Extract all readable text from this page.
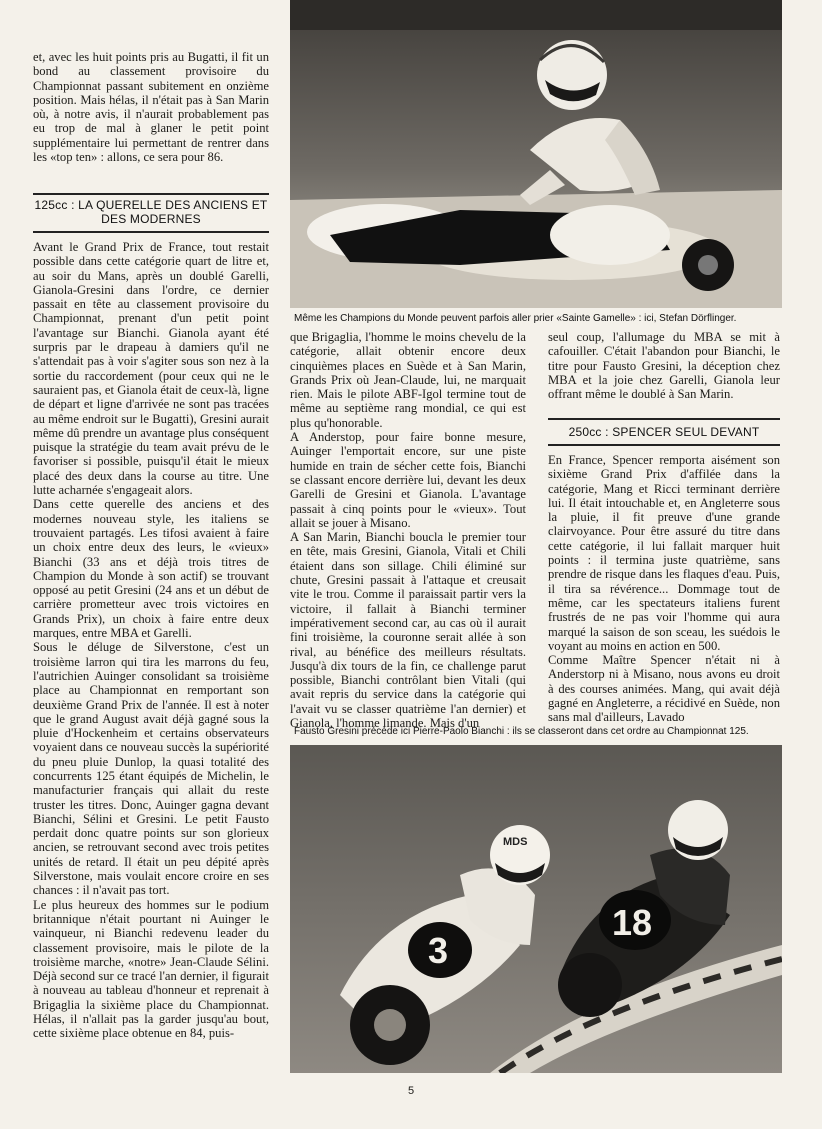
et, avec les huit points pris au Bugatti, il fit un bond au classement provisoire du Championnat passant subitement en onzième position. Mais hélas, il n'était pas à San Marin où, à notre avis, il n'aurait probablement pas eu trop de mal à glaner le petit point supplémentaire lui permettant de rentrer dans les «top ten» : allons, ce sera pour 86.

125cc : LA QUERELLE DES ANCIENS ET DES MODERNES

Avant le Grand Prix de France, tout restait possible dans cette catégorie quart de litre et, au soir du Mans, après un doublé Garelli, Gianola-Gresini dans l'ordre, ce dernier passait en tête au classement provisoire du Championnat, prenant d'un petit point l'avantage sur Bianchi. Gianola ayant été surpris par le drapeau à damiers qu'il ne s'attendait pas à voir s'agiter sous son nez à la sortie du raccordement (pour ceux qui ne le sauraient pas, et Gianola était de ceux-là, ligne de départ et ligne d'arrivée ne sont pas tracées au même endroit sur le Bugatti), Gresini aurait même dû prendre un avantage plus conséquent puisque la stratégie du team avait prévu de le favoriser si possible, puisqu'il était le mieux placé des deux dans la course au titre. Une lutte acharnée s'engageait alors.

Dans cette querelle des anciens et des modernes nouveau style, les italiens se trouvaient partagés. Les tifosi avaient à faire un choix entre deux des leurs, le «vieux» Bianchi (33 ans et déjà trois titres de Champion du Monde à son actif) se trouvant opposé au petit Gresini (24 ans et un début de carrière prometteur avec trois victoires en Grands Prix), un choix à faire entre deux marques, entre MBA et Garelli.

Sous le déluge de Silverstone, c'est un troisième larron qui tira les marrons du feu, l'autrichien Auinger consolidant sa troisième place au Championnat en remportant son deuxième Grand Prix de l'année. Il est à noter que le grand August avait déjà gagné sous la pluie d'Hockenheim et certains observateurs voyaient dans ce nouveau succès la supériorité du pneu pluie Dunlop, la quasi totalité des concurrents 125 étant équipés de Michelin, le manufacturier français qui allait du reste truster les titres. Donc, Auinger gagna devant Bianchi, Sélini et Gresini. Le petit Fausto perdait donc quatre points sur son glorieux ancien, se retrouvant second avec trois petites unités de retard. Il était un peu dépité après Silverstone, mais voulait encore croire en ses chances : il n'avait pas tort.

Le plus heureux des hommes sur le podium britannique n'était pourtant ni Auinger le vainqueur, ni Bianchi redevenu leader du classement provisoire, mais le pilote de la troisième marche, «notre» Jean-Claude Sélini. Déjà second sur ce tracé l'an dernier, il figurait à nouveau au tableau d'honneur et reprenait à Brigaglia la sixième place du Championnat. Hélas, il n'allait pas la garder jusqu'au bout, cette sixième place obtenue en 84, puis-

Même les Champions du Monde peuvent parfois aller prier «Sainte Gamelle» : ici, Stefan Dörflinger.

que Brigaglia, l'homme le moins chevelu de la catégorie, allait obtenir encore deux cinquièmes places en Suède et à San Marin, Grands Prix où Jean-Claude, lui, ne marquait rien. Mais le pilote ABF-Igol termine tout de même au septième rang mondial, ce qui est plus qu'honorable.

A Anderstop, pour faire bonne mesure, Auinger l'emportait encore, sur une piste humide en train de sécher cette fois, Bianchi se classant encore derrière lui, devant les deux Garelli de Gresini et Gianola. L'avantage passait à cinq points pour le «vieux». Tout allait se jouer à Misano.

A San Marin, Bianchi boucla le premier tour en tête, mais Gresini, Gianola, Vitali et Chili étaient dans son sillage. Chili éliminé sur chute, Gresini passait à l'attaque et creusait vite le trou. Comme il paraissait partir vers la victoire, il fallait à Bianchi terminer impérativement second car, au cas où il aurait fini troisième, la couronne serait allée à son rival, au bénéfice des meilleurs résultats. Jusqu'à dix tours de la fin, ce challenge parut possible, Bianchi contrôlant bien Vitali (qui avait repris du service dans la catégorie qui l'avait vu se classer quatrième l'an dernier) et Gianola, l'homme limande. Mais d'un

seul coup, l'allumage du MBA se mit à cafouiller. C'était l'abandon pour Bianchi, le titre pour Fausto Gresini, la déception chez MBA et la joie chez Garelli, Gianola leur offrant même le doublé à San Marin.

250cc : SPENCER SEUL DEVANT

En France, Spencer remporta aisément son sixième Grand Prix d'affilée dans la catégorie, Mang et Ricci terminant derrière lui. Il était intouchable et, en Angleterre sous la pluie, il fit preuve d'une grande clairvoyance. Pour être assuré du titre dans cette catégorie, il lui fallait marquer huit points : il termina juste quatrième, sans prendre de risque dans les flaques d'eau. Puis, il tira sa révérence... Dommage tout de même, car les spectateurs italiens furent frustrés de ne pas voir l'homme qui aura marqué la saison de son sceau, les suédois le voyant au moins en action en 500.

Comme Maître Spencer n'était ni à Anderstorp ni à Misano, nous avons eu droit à des courses animées. Mang, qui avait déjà gagné en Angleterre, a récidivé en Suède, non sans mal d'ailleurs, Lavado

Fausto Gresini précède ici Pierre-Paolo Bianchi : ils se classeront dans cet ordre au Championnat 125.
3
MDS
18
5
